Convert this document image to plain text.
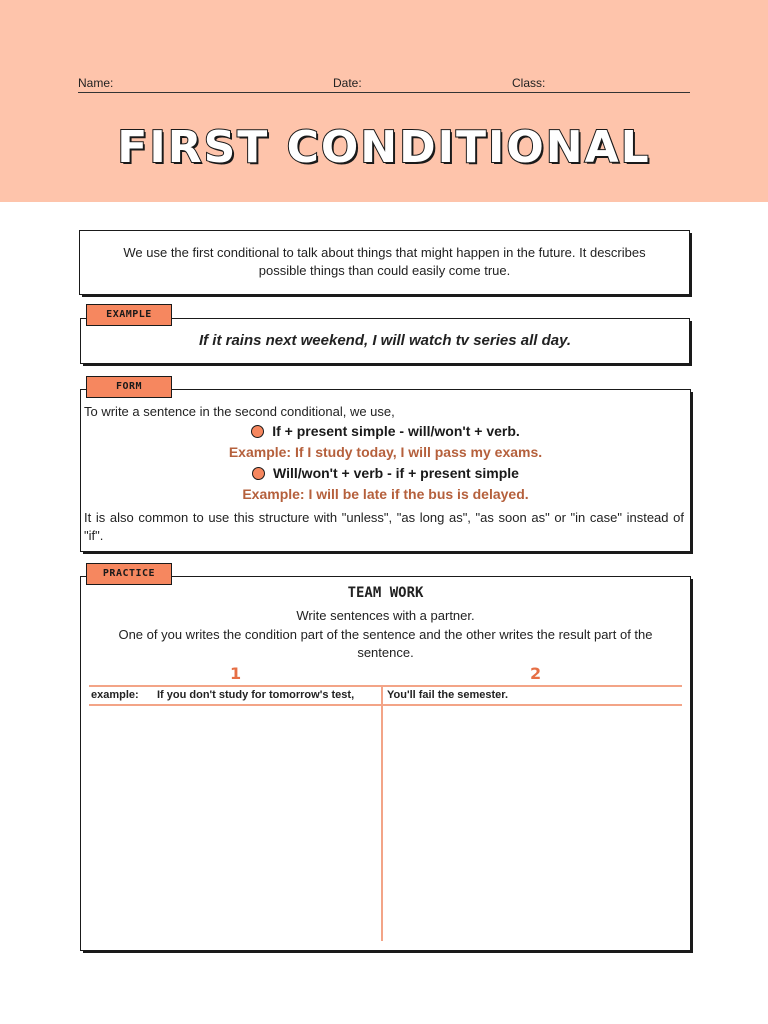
Name:	Date:	Class:
FIRST CONDITIONAL
We use the first conditional to talk about things that might happen in the future. It describes possible things than could easily come true.
EXAMPLE
If it rains next weekend, I will watch tv series all day.
FORM
To write a sentence in the second conditional, we use,
If + present simple - will/won't + verb.
Example: If I study today, I will pass my exams.
Will/won't + verb - if + present simple
Example: I will be late if the bus is delayed.
It is also common to use this structure with "unless", "as long as", "as soon as" or "in case" instead of "if".
PRACTICE
TEAM WORK
Write sentences with a partner.
One of you writes the condition part of the sentence and the other writes the result part of the sentence.
1	2
example: If you don't study for tomorrow's test,	You'll fail the semester.
